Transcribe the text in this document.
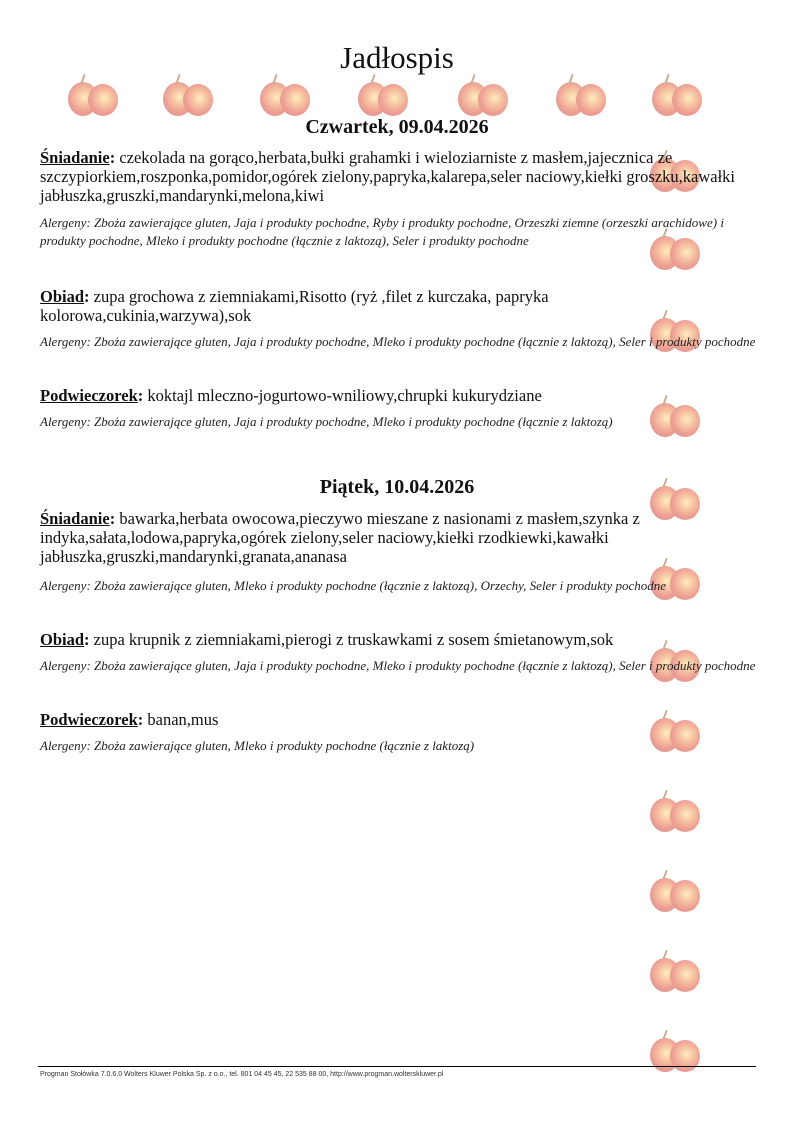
Jadłospis
Czwartek, 09.04.2026
Śniadanie: czekolada na gorąco,herbata,bułki grahamki i wieloziarniste z masłem,jajecznica ze szczypiorkiem,roszponka,pomidor,ogórek zielony,papryka,kalarepa,seler naciowy,kiełki groszku,kawałki jabłuszka,gruszki,mandarynki,melona,kiwi
Alergeny: Zboża zawierające gluten, Jaja i produkty pochodne, Ryby i produkty pochodne, Orzeszki ziemne (orzeszki arachidowe) i produkty pochodne, Mleko i produkty pochodne (łącznie z laktozą), Seler i produkty pochodne
Obiad: zupa grochowa z ziemniakami,Risotto (ryż ,filet z kurczaka, papryka kolorowa,cukinia,warzywa),sok
Alergeny: Zboża zawierające gluten, Jaja i produkty pochodne, Mleko i produkty pochodne (łącznie z laktozą), Seler i produkty pochodne
Podwieczorek: koktajl mleczno-jogurtowo-wniliowy,chrupki kukurydziane
Alergeny: Zboża zawierające gluten, Jaja i produkty pochodne, Mleko i produkty pochodne (łącznie z laktozą)
Piątek, 10.04.2026
Śniadanie: bawarka,herbata owocowa,pieczywo mieszane z nasionami z masłem,szynka z indyka,sałata,lodowa,papryka,ogórek zielony,seler naciowy,kiełki rzodkiewki,kawałki jabłuszka,gruszki,mandarynki,granata,ananasa
Alergeny: Zboża zawierające gluten, Mleko i produkty pochodne (łącznie z laktozą), Orzechy, Seler i produkty pochodne
Obiad: zupa krupnik z ziemniakami,pierogi z truskawkami z sosem śmietanowym,sok
Alergeny: Zboża zawierające gluten, Jaja i produkty pochodne, Mleko i produkty pochodne (łącznie z laktozą), Seler i produkty pochodne
Podwieczorek: banan,mus
Alergeny: Zboża zawierające gluten, Mleko i produkty pochodne (łącznie z laktozą)
Progman Stołówka 7.0.6.0 Wolters Kluwer Polska Sp. z o.o., tel. 801 04 45 45, 22 535 88 00, http://www.progman.wolterskluwer.pl
